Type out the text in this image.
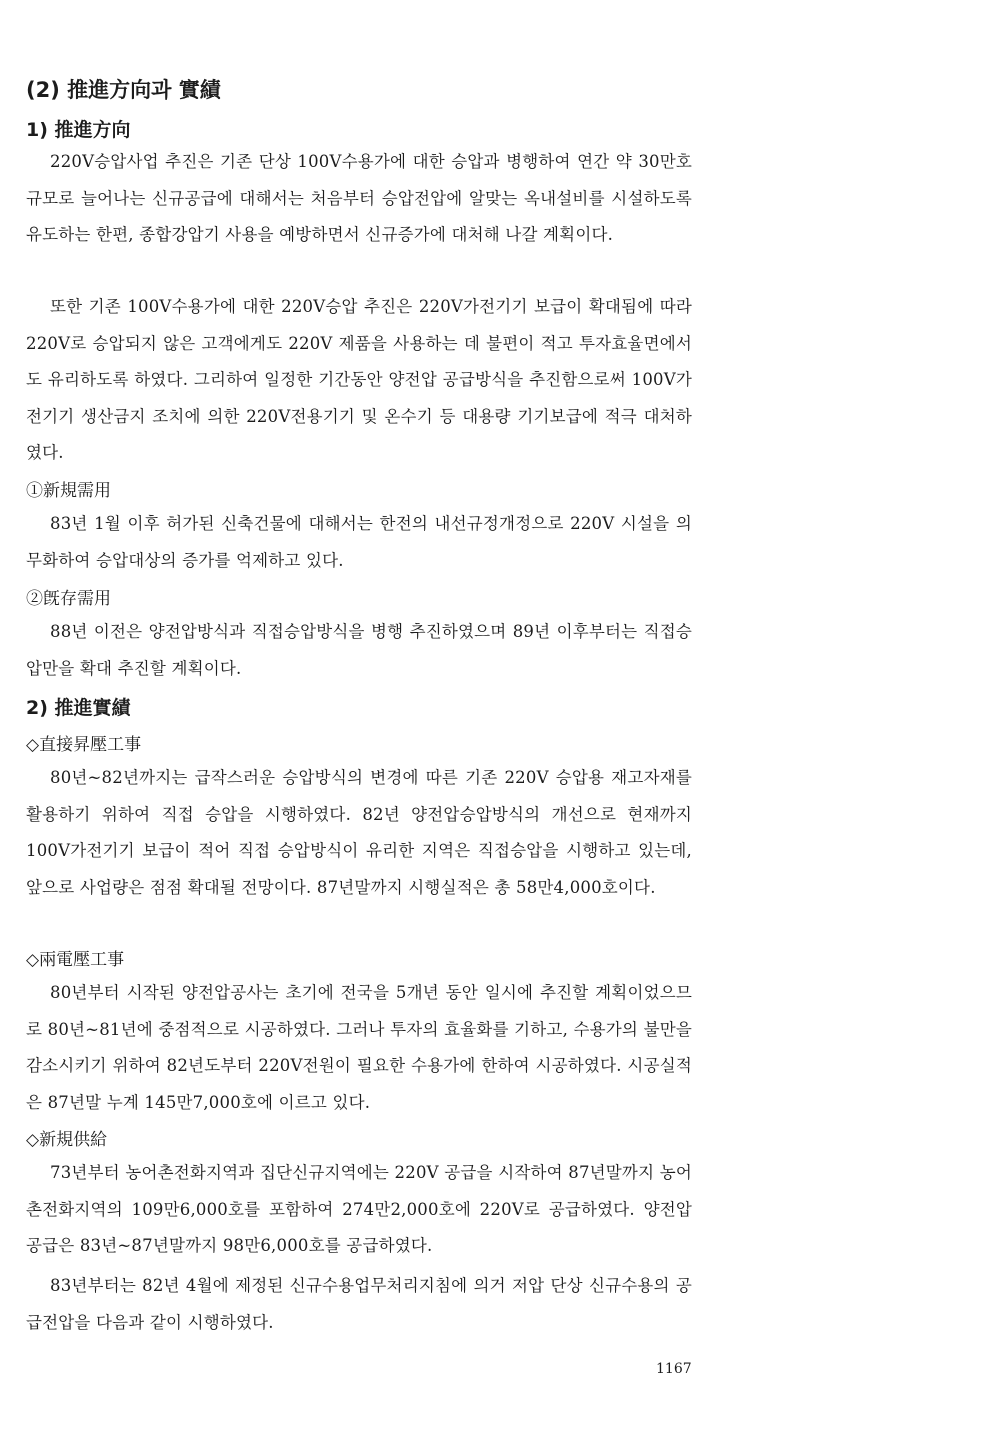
(2) 推進方向과 實績
1) 推進方向

220V승압사업 추진은 기존 단상 100V수용가에 대한 승압과 병행하여 연간 약 30만호 규모로 늘어나는 신규공급에 대해서는 처음부터 승압전압에 알맞는 옥내설비를 시설하도록 유도하는 한편, 종합강압기 사용을 예방하면서 신규증가에 대처해 나갈 계획이다.

또한 기존 100V수용가에 대한 220V승압 추진은 220V가전기기 보급이 확대됨에 따라 220V로 승압되지 않은 고객에게도 220V 제품을 사용하는 데 불편이 적고 투자효율면에서도 유리하도록 하였다. 그리하여 일정한 기간동안 양전압 공급방식을 추진함으로써 100V가전기기 생산금지 조치에 의한 220V전용기기 및 온수기 등 대용량 기기보급에 적극 대처하였다.

①新規需用

83년 1월 이후 허가된 신축건물에 대해서는 한전의 내선규정개정으로 220V 시설을 의무화하여 승압대상의 증가를 억제하고 있다.

②旣存需用

88년 이전은 양전압방식과 직접승압방식을 병행 추진하였으며 89년 이후부터는 직접승압만을 확대 추진할 계획이다.

2) 推進實績
◇直接昇壓工事

80년~82년까지는 급작스러운 승압방식의 변경에 따른 기존 220V 승압용 재고자재를 활용하기 위하여 직접 승압을 시행하였다. 82년 양전압승압방식의 개선으로 현재까지 100V가전기기 보급이 적어 직접 승압방식이 유리한 지역은 직접승압을 시행하고 있는데, 앞으로 사업량은 점점 확대될 전망이다. 87년말까지 시행실적은 총 58만4,000호이다.

◇兩電壓工事

80년부터 시작된 양전압공사는 초기에 전국을 5개년 동안 일시에 추진할 계획이었으므로 80년~81년에 중점적으로 시공하였다. 그러나 투자의 효율화를 기하고, 수용가의 불만을 감소시키기 위하여 82년도부터 220V전원이 필요한 수용가에 한하여 시공하였다. 시공실적은 87년말 누계 145만7,000호에 이르고 있다.

◇新規供給

73년부터 농어촌전화지역과 집단신규지역에는 220V 공급을 시작하여 87년말까지 농어촌전화지역의 109만6,000호를 포함하여 274만2,000호에 220V로 공급하였다. 양전압 공급은 83년~87년말까지 98만6,000호를 공급하였다.

83년부터는 82년 4월에 제정된 신규수용업무처리지침에 의거 저압 단상 신규수용의 공급전압을 다음과 같이 시행하였다.

1167
